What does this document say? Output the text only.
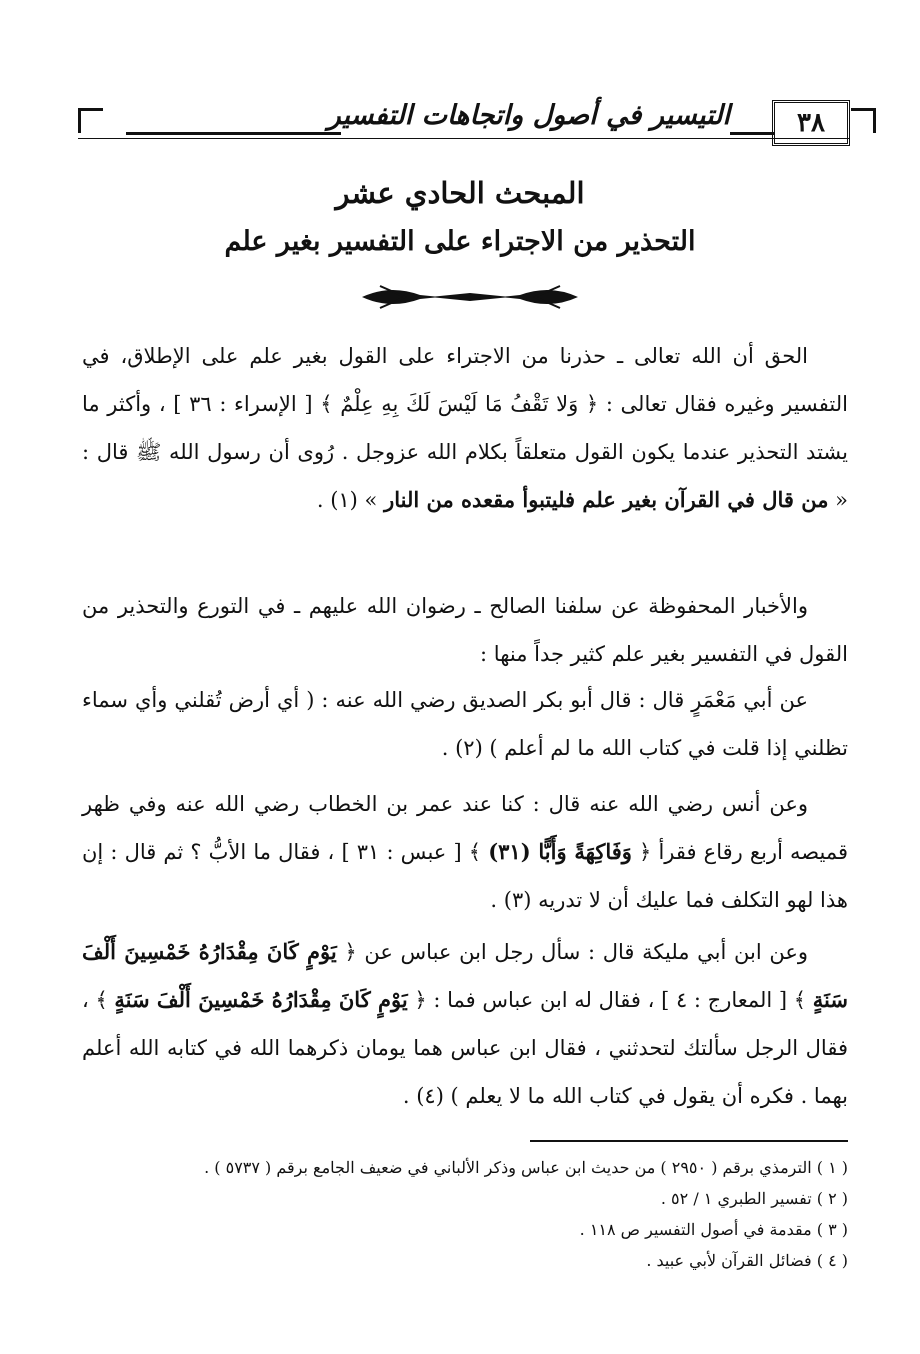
٣٨
التيسير في أصول واتجاهات التفسير
المبحث الحادي عشر
التحذير من الاجتراء على التفسير بغير علم

الحق أن الله تعالى ـ حذرنا من الاجتراء على القول بغير علم على الإطلاق، في التفسير وغيره فقال تعالى : ﴿ وَلا تَقْفُ مَا لَيْسَ لَكَ بِهِ عِلْمٌ ﴾ [ الإسراء : ٣٦ ] ، وأكثر ما يشتد التحذير عندما يكون القول متعلقاً بكلام الله عزوجل . رُوى أن رسول الله ﷺ قال : « من قال في القرآن بغير علم فليتبوأ مقعده من النار » (١) .

والأخبار المحفوظة عن سلفنا الصالح ـ رضوان الله عليهم ـ في التورع والتحذير من القول في التفسير بغير علم كثير جداً منها :

عن أبي مَعْمَرٍ قال : قال أبو بكر الصديق رضي الله عنه : ( أي أرض تُقلني وأي سماء تظلني إذا قلت في كتاب الله ما لم أعلم ) (٢) .

وعن أنس رضي الله عنه قال : كنا عند عمر بن الخطاب رضي الله عنه وفي ظهر قميصه أربع رقاع فقرأ ﴿ وَفَاكِهَةً وَأَبًّا (٣١) ﴾ [ عبس : ٣١ ] ، فقال ما الأبُّ ؟ ثم قال : إن هذا لهو التكلف فما عليك أن لا تدريه (٣) .

وعن ابن أبي مليكة قال : سأل رجل ابن عباس عن ﴿ يَوْمٍ كَانَ مِقْدَارُهُ خَمْسِينَ أَلْفَ سَنَةٍ ﴾ [ المعارج : ٤ ] ، فقال له ابن عباس فما : ﴿ يَوْمٍ كَانَ مِقْدَارُهُ خَمْسِينَ أَلْفَ سَنَةٍ ﴾ ، فقال الرجل سألتك لتحدثني ، فقال ابن عباس هما يومان ذكرهما الله في كتابه الله أعلم بهما . فكره أن يقول في كتاب الله ما لا يعلم ) (٤) .

( ١ ) الترمذي برقم ( ٢٩٥٠ ) من حديث ابن عباس وذكر الألباني في ضعيف الجامع برقم ( ٥٧٣٧ ) .

( ٢ ) تفسير الطبري ١ / ٥٢ .

( ٣ ) مقدمة في أصول التفسير ص ١١٨ .

( ٤ ) فضائل القرآن لأبي عبيد .
